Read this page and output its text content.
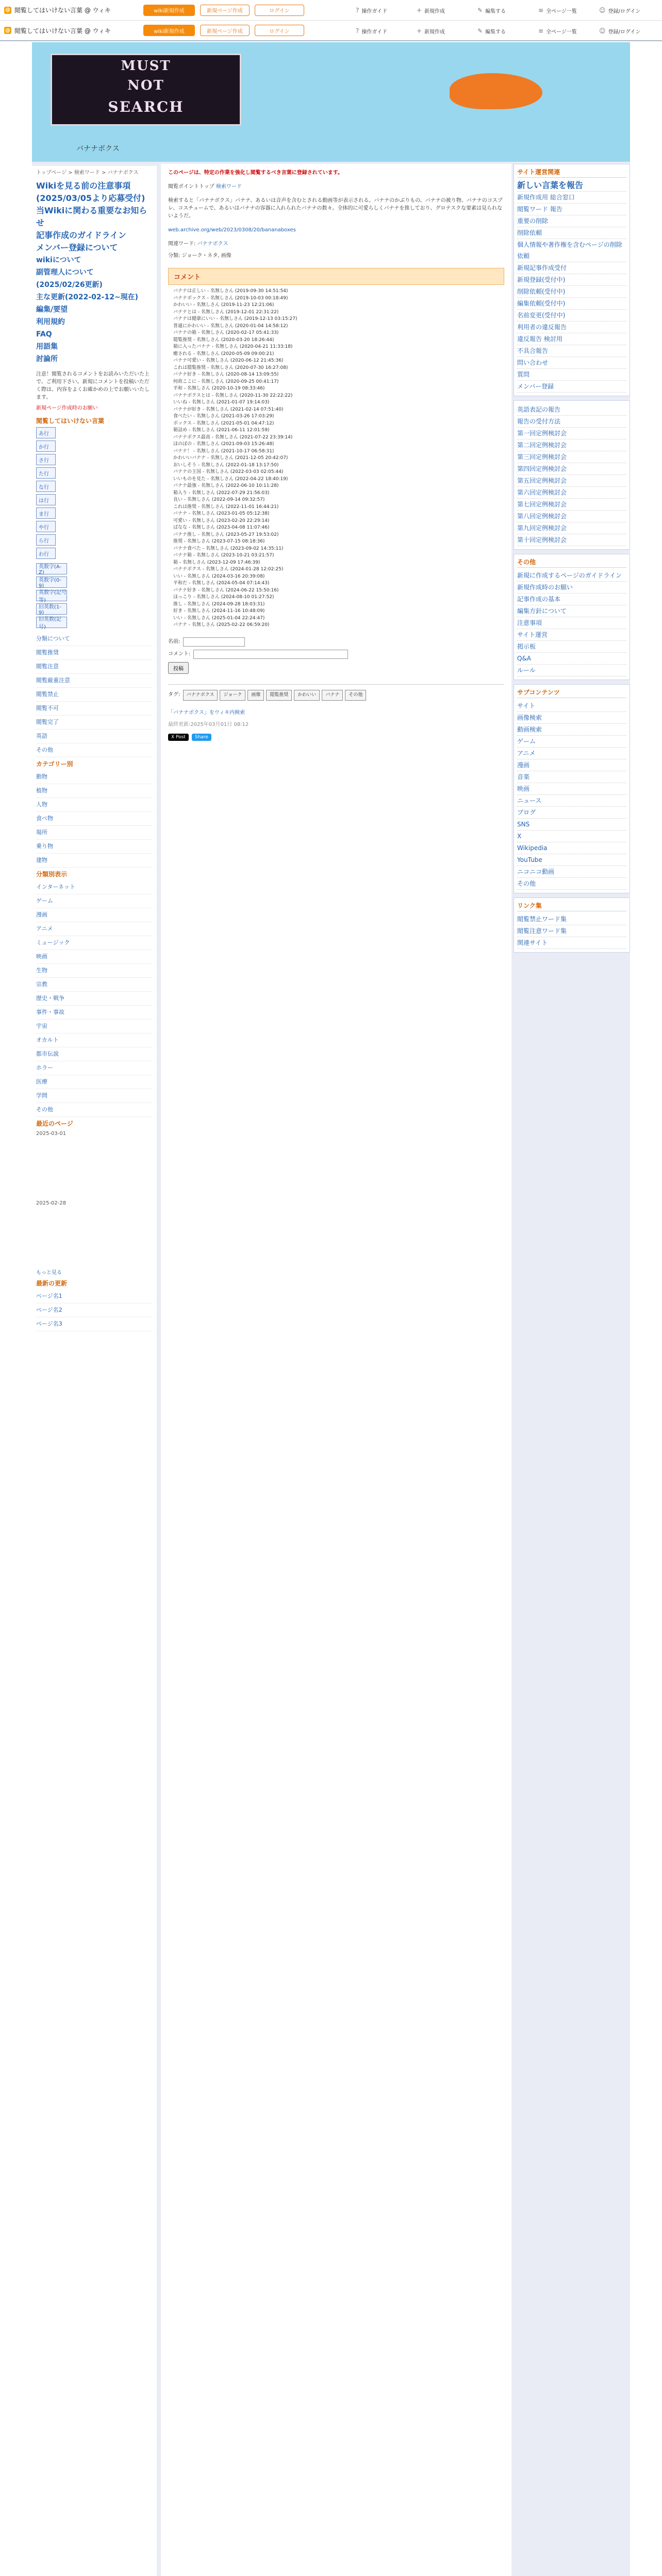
@ 閲覧してはいけない言葉 @ ウィキ	wiki新規作成	新規ページ作成	ログイン	? 操作ガイド	+ 新規作成	✎ 編集する	≡ 全ページ一覧	☺ 登録/ログイン
@ 閲覧してはいけない言葉 @ ウィキ	wiki新規作成	新規ページ作成	ログイン	? 操作ガイド	+ 新規作成	✎ 編集する	≡ 全ページ一覧	☺ 登録/ログイン
MUST
NOT
SEARCH
バナナボクス
トップページ > 検索ワード > バナナボクス
Wikiを見る前の注意事項
(2025/03/05より応募受付)
当Wikiに関わる重要なお知らせ
記事作成のガイドライン
メンバー登録について
wikiについて
副管理人について
(2025/02/26更新)
主な更新(2022-02-12~現在)
編集/要望
利用規約
FAQ
用語集
討論所
注意！閲覧されるコメントをお読みいただいた上で、ご利用下さい。新規にコメントを投稿いただく際は、内容をよくお確かめの上でお願いいたします。
新規ページ作成時のお願い
閲覧してはいけない言葉
あ行
か行
さ行
た行
な行
は行
ま行
や行
ら行
わ行
英数字(A-Z)
英数字(0-9)
英数字(記号等)
旧英数(1-9)
旧英数(記号)
分類について
閲覧推奨
閲覧注意
閲覧厳重注意
閲覧禁止
閲覧不可
閲覧完了
英語
その他
カテゴリー別
動物
植物
人物
食べ物
場所
乗り物
建物
分類別表示
インターネット
ゲーム
漫画
アニメ
ミュージック
映画
生物
宗教
歴史・戦争
事件・事故
宇宙
オカルト
都市伝説
ホラー
医療
学問
その他
最近のページ
2025-03-01
2025-02-28
もっと見る
最新の更新
ページ名1
ページ名2
ページ名3
このページは、特定の作業を強化し閲覧するべき言葉に登録されています。
閲覧ポイントトップ 検索ワード
検索すると「バナナボクス」バナナ、あるいは音声を含むとされる動画等が表示される。バナナのかぶりもの、バナナの被り物、バナナのコスプレ、コスチュームで、あるいはバナナの容器に入れられたバナナの数々。全体的に可愛らしくバナナを推しており、グロテスクな要素は見られないようだ。
web.archive.org/web/2023/0308/20/bananaboxes
関連ワード: バナナボクス
分類: ジョーク・ネタ, 画像
コメント
バナナは正しい - 名無しさん (2019-09-30 14:51:54)
バナナボックス - 名無しさん (2019-10-03 00:18:49)
かわいい - 名無しさん (2019-11-23 12:21:06)
バナナとは - 名無しさん (2019-12-01 22:31:22)
バナナは健康にいい - 名無しさん (2019-12-13 03:15:27)
普通にかわいい - 名無しさん (2020-01-04 14:58:12)
バナナの箱 - 名無しさん (2020-02-17 05:41:33)
閲覧推奨 - 名無しさん (2020-03-20 18:26:44)
箱に入ったバナナ - 名無しさん (2020-04-21 11:33:18)
癒される - 名無しさん (2020-05-09 09:00:21)
バナナ可愛い - 名無しさん (2020-06-12 21:45:36)
これは閲覧推奨 - 名無しさん (2020-07-30 16:27:08)
バナナ好き - 名無しさん (2020-08-14 13:09:55)
何故ここに - 名無しさん (2020-09-25 00:41:17)
平和 - 名無しさん (2020-10-19 08:33:46)
バナナボクスとは - 名無しさん (2020-11-30 22:22:22)
いいね - 名無しさん (2021-01-07 19:14:03)
バナナが好き - 名無しさん (2021-02-14 07:51:40)
食べたい - 名無しさん (2021-03-26 17:03:29)
ボックス - 名無しさん (2021-05-01 04:47:12)
箱詰め - 名無しさん (2021-06-11 12:01:59)
バナナボクス最高 - 名無しさん (2021-07-22 23:39:14)
ほのぼの - 名無しさん (2021-09-03 15:26:48)
バナナ！ - 名無しさん (2021-10-17 06:58:31)
かわいいバナナ - 名無しさん (2021-12-05 20:42:07)
おいしそう - 名無しさん (2022-01-18 13:17:50)
バナナの王国 - 名無しさん (2022-03-03 02:05:44)
いいものを見た - 名無しさん (2022-04-22 18:40:19)
バナナ最強 - 名無しさん (2022-06-10 10:11:28)
箱入り - 名無しさん (2022-07-29 21:56:03)
良い - 名無しさん (2022-09-14 09:32:57)
これは推奨 - 名無しさん (2022-11-01 16:44:21)
バナナ - 名無しさん (2023-01-05 05:12:38)
可愛い - 名無しさん (2023-02-20 22:29:14)
ばなな - 名無しさん (2023-04-08 11:07:46)
バナナ推し - 名無しさん (2023-05-27 19:53:02)
推奨 - 名無しさん (2023-07-15 08:18:36)
バナナ食べた - 名無しさん (2023-09-02 14:35:11)
バナナ箱 - 名無しさん (2023-10-21 03:21:57)
箱 - 名無しさん (2023-12-09 17:46:39)
バナナボクス - 名無しさん (2024-01-28 12:02:25)
いい - 名無しさん (2024-03-16 20:39:08)
平和だ - 名無しさん (2024-05-04 07:14:43)
バナナ好き - 名無しさん (2024-06-22 15:50:16)
ほっこり - 名無しさん (2024-08-10 01:27:52)
推し - 名無しさん (2024-09-28 18:03:31)
好き - 名無しさん (2024-11-16 10:48:09)
いい - 名無しさん (2025-01-04 22:24:47)
バナナ - 名無しさん (2025-02-22 06:59:20)
名前:
コメント:
投稿
タグ: バナナボクス ジョーク 画像 閲覧推奨 かわいい バナナ その他
「バナナボクス」をウィキ内検索
最終更新:2025年03月01日 08:12
X Post	Share
サイト運営関連
新しい言葉を報告
新規作成用 総合窓口
閲覧ワード 報告
重要の削除
削除依頼
個人情報や著作権を含むページの削除依頼
新規記事作成受付
新規登録(受付中)
削除依頼(受付中)
編集依頼(受付中)
名前変更(受付中)
利用者の違反報告
違反報告 検討用
不具合報告
問い合わせ
質問
メンバー登録
英語表記の報告
報告の受付方法
第一回定例検討会
第二回定例検討会
第三回定例検討会
第四回定例検討会
第五回定例検討会
第六回定例検討会
第七回定例検討会
第八回定例検討会
第九回定例検討会
第十回定例検討会
その他
新規に作成するページのガイドライン
新規作成時のお願い
記事作成の基本
編集方針について
注意事項
サイト運営
掲示板
Q&A
ルール
サブコンテンツ
サイト
画像検索
動画検索
ゲーム
アニメ
漫画
音楽
映画
ニュース
ブログ
SNS
X
Wikipedia
YouTube
ニコニコ動画
その他
リンク集
閲覧禁止ワード集
閲覧注意ワード集
関連サイト
